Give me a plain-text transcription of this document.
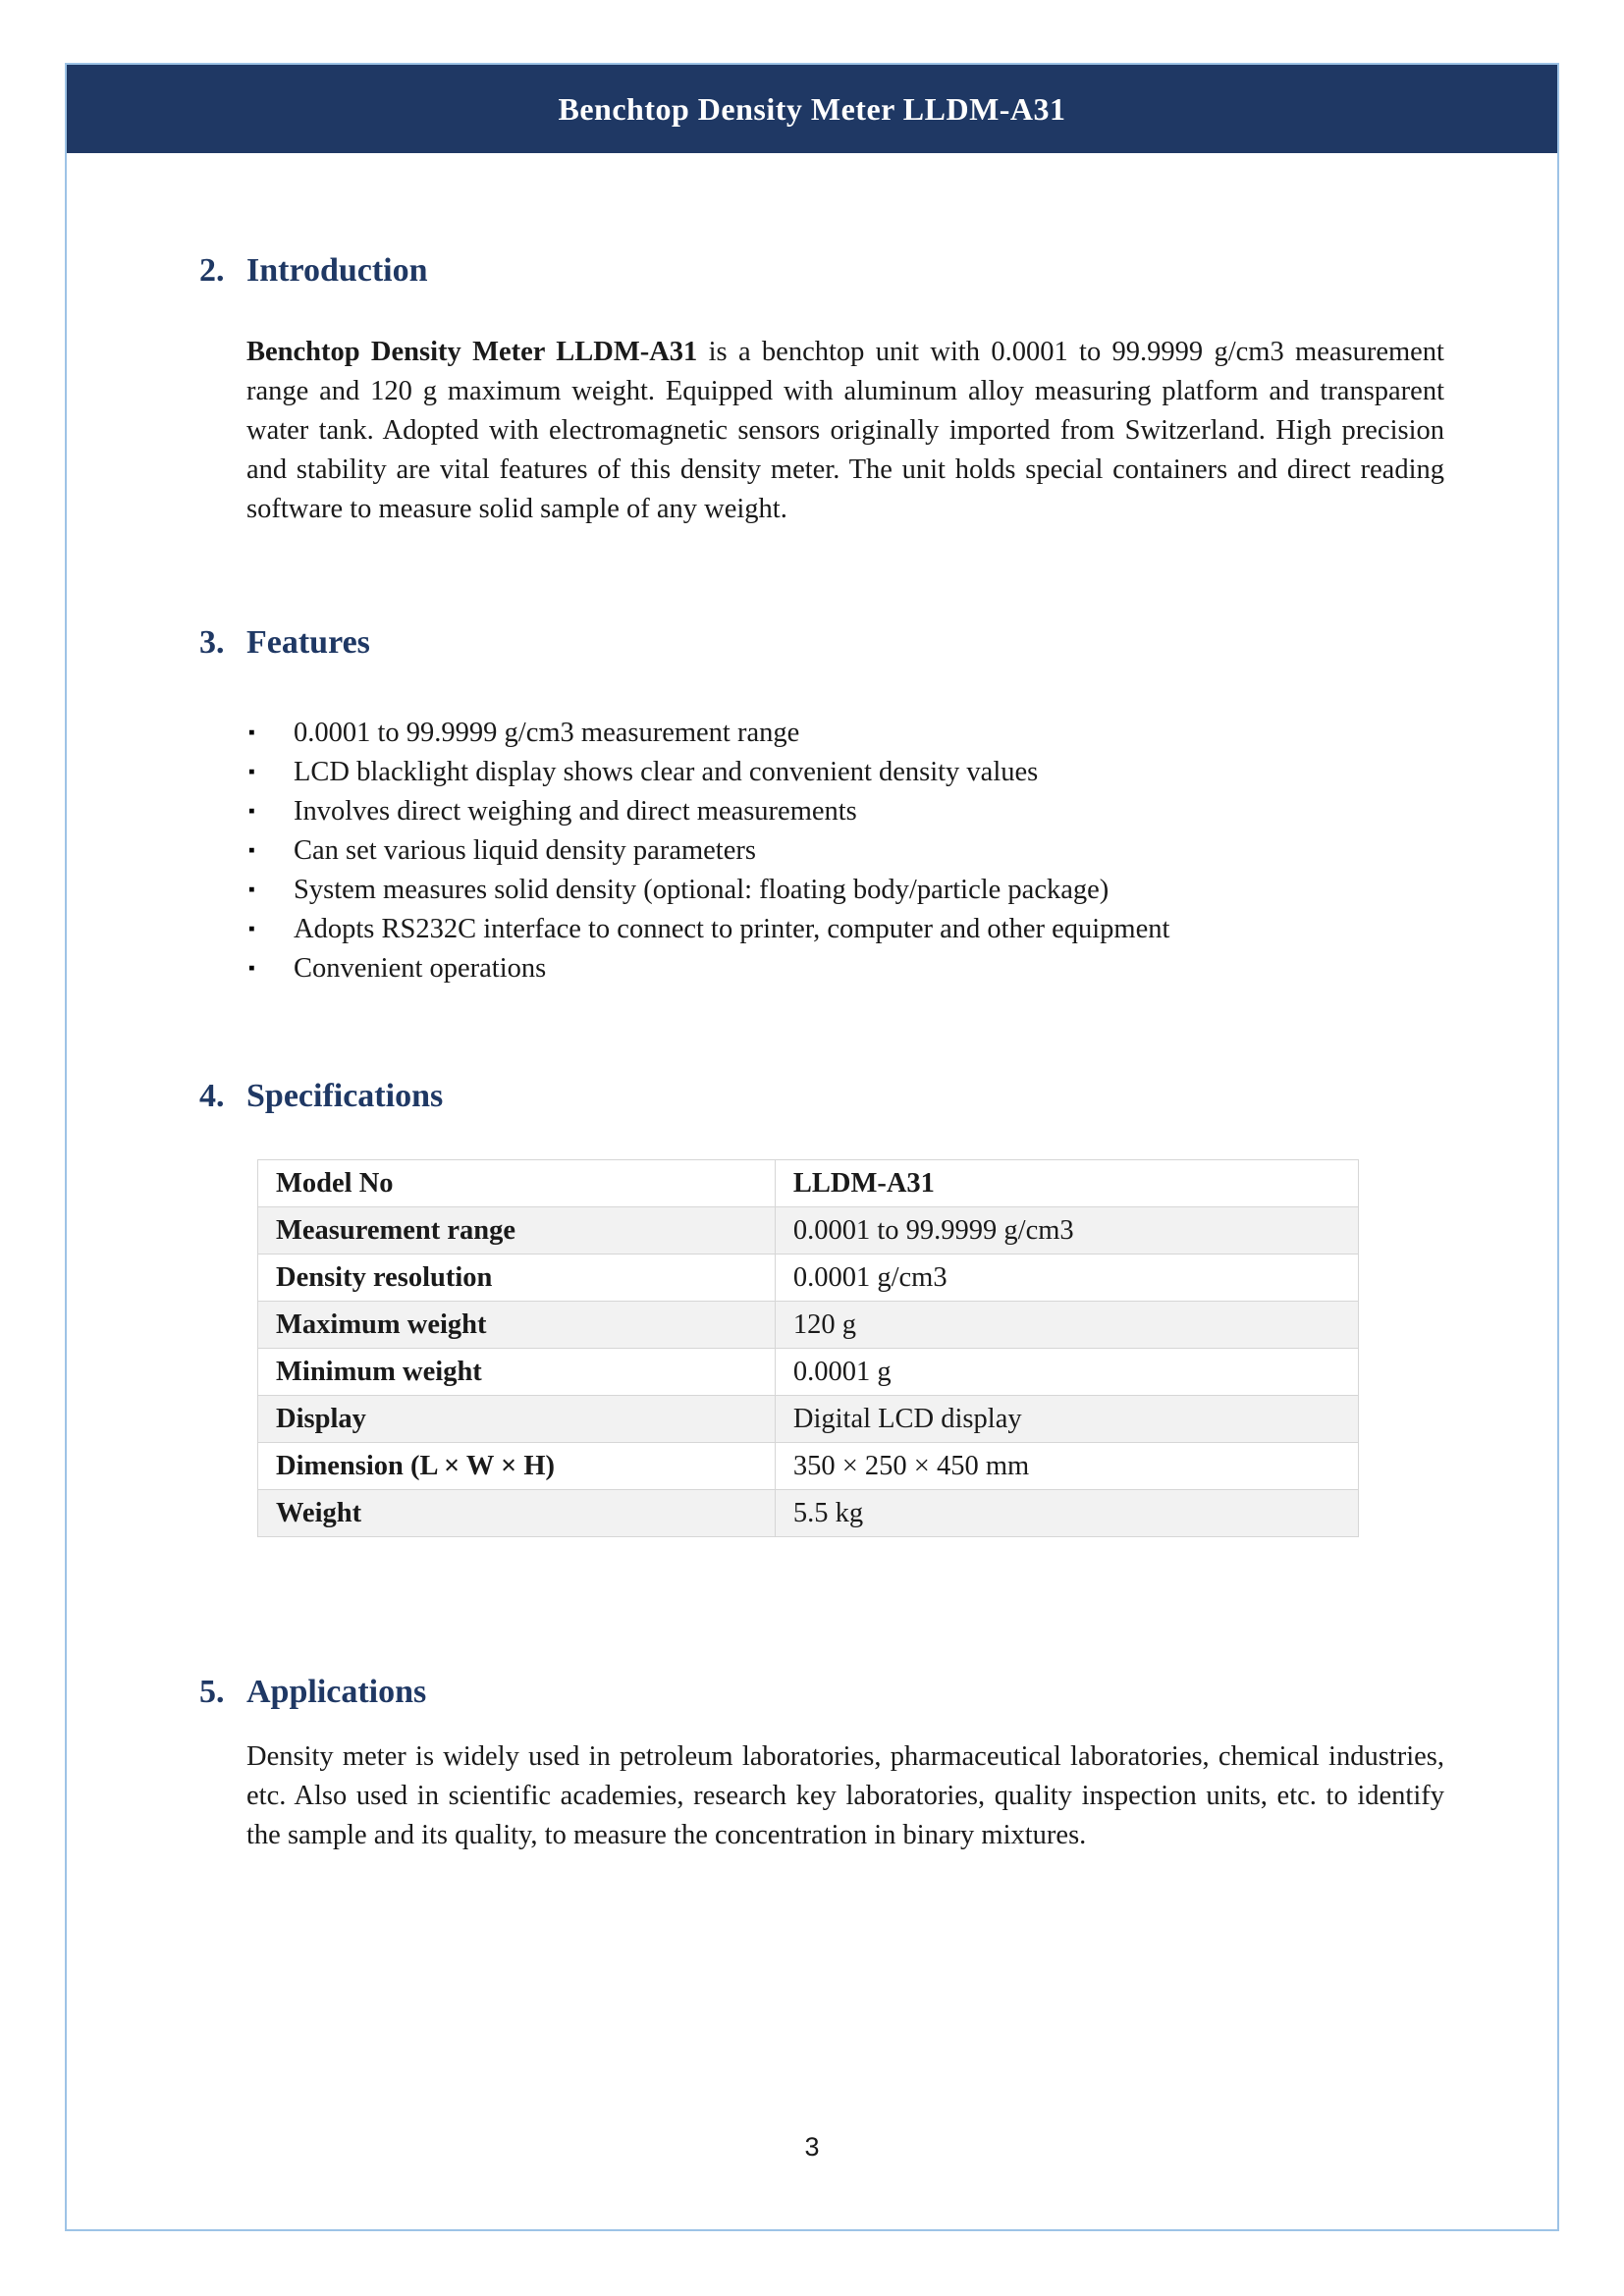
Benchtop Density Meter LLDM-A31
2. Introduction

Benchtop Density Meter LLDM-A31 is a benchtop unit with 0.0001 to 99.9999 g/cm3 measurement range and 120 g maximum weight. Equipped with aluminum alloy measuring platform and transparent water tank. Adopted with electromagnetic sensors originally imported from Switzerland. High precision and stability are vital features of this density meter. The unit holds special containers and direct reading software to measure solid sample of any weight.

3. Features
▪	0.0001 to 99.9999 g/cm3 measurement range
▪	LCD blacklight display shows clear and convenient density values
▪	Involves direct weighing and direct measurements
▪	Can set various liquid density parameters
▪	System measures solid density (optional: floating body/particle package)
▪	Adopts RS232C interface to connect to printer, computer and other equipment
▪	Convenient operations
4. Specifications
Model No	LLDM-A31
Measurement range	0.0001 to 99.9999 g/cm3
Density resolution	0.0001 g/cm3
Maximum weight	120 g
Minimum weight	0.0001 g
Display	Digital LCD display
Dimension (L × W × H)	350 × 250 × 450 mm
Weight	5.5 kg
5. Applications

Density meter is widely used in petroleum laboratories, pharmaceutical laboratories, chemical industries, etc. Also used in scientific academies, research key laboratories, quality inspection units, etc. to identify the sample and its quality, to measure the concentration in binary mixtures.

3
